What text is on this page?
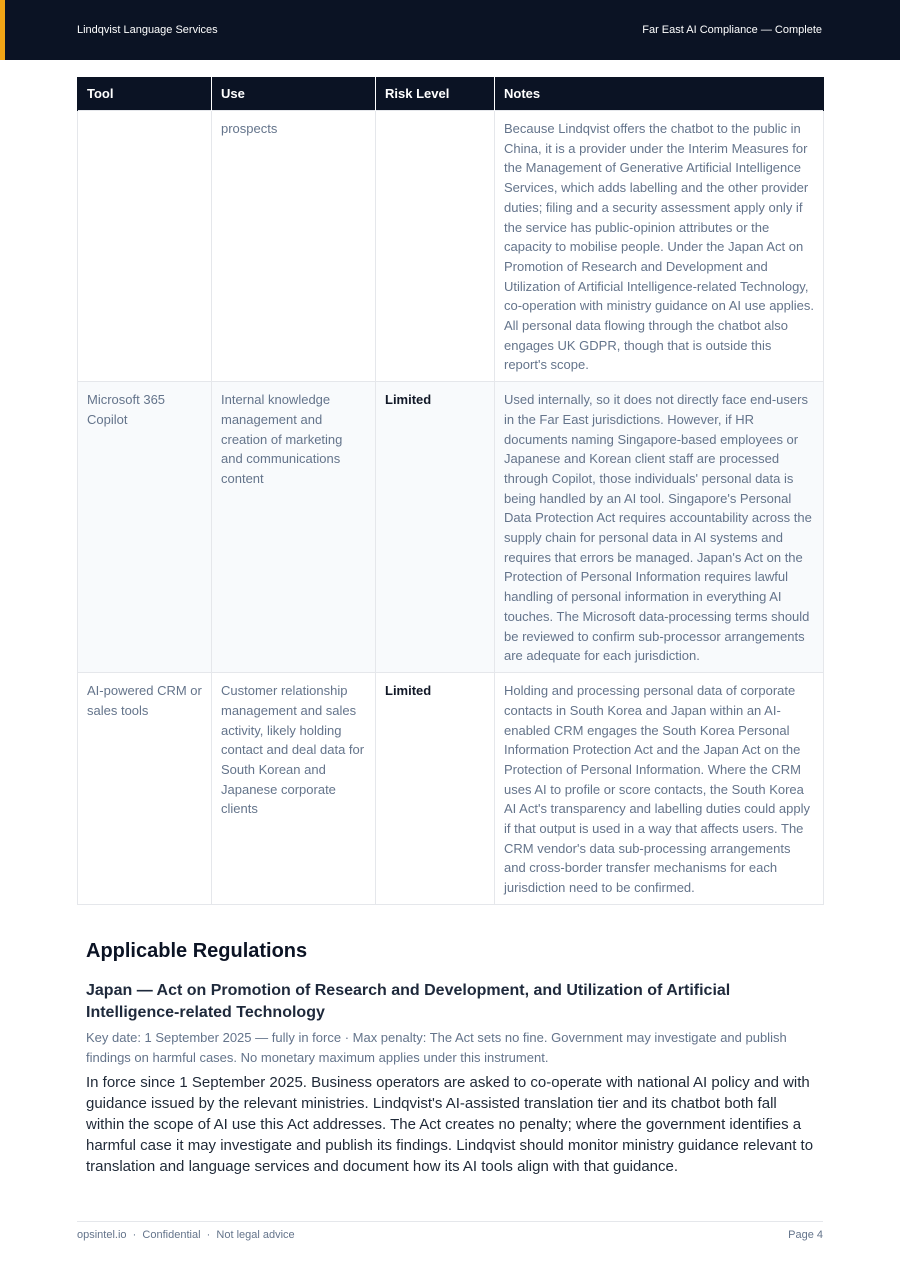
Lindqvist Language Services	Far East AI Compliance — Complete
Tool	Use	Risk Level	Notes
	prospects		Because Lindqvist offers the chatbot to the public in China, it is a provider under the Interim Measures for the Management of Generative Artificial Intelligence Services, which adds labelling and the other provider duties; filing and a security assessment apply only if the service has public-opinion attributes or the capacity to mobilise people. Under the Japan Act on Promotion of Research and Development and Utilization of Artificial Intelligence-related Technology, co-operation with ministry guidance on AI use applies. All personal data flowing through the chatbot also engages UK GDPR, though that is outside this report's scope.
Microsoft 365 Copilot	Internal knowledge management and creation of marketing and communications content	Limited	Used internally, so it does not directly face end-users in the Far East jurisdictions. However, if HR documents naming Singapore-based employees or Japanese and Korean client staff are processed through Copilot, those individuals' personal data is being handled by an AI tool. Singapore's Personal Data Protection Act requires accountability across the supply chain for personal data in AI systems and requires that errors be managed. Japan's Act on the Protection of Personal Information requires lawful handling of personal information in everything AI touches. The Microsoft data-processing terms should be reviewed to confirm sub-processor arrangements are adequate for each jurisdiction.
AI-powered CRM or sales tools	Customer relationship management and sales activity, likely holding contact and deal data for South Korean and Japanese corporate clients	Limited	Holding and processing personal data of corporate contacts in South Korea and Japan within an AI-enabled CRM engages the South Korea Personal Information Protection Act and the Japan Act on the Protection of Personal Information. Where the CRM uses AI to profile or score contacts, the South Korea AI Act's transparency and labelling duties could apply if that output is used in a way that affects users. The CRM vendor's data sub-processing arrangements and cross-border transfer mechanisms for each jurisdiction need to be confirmed.
Applicable Regulations
Japan — Act on Promotion of Research and Development, and Utilization of Artificial Intelligence-related Technology

Key date: 1 September 2025 — fully in force · Max penalty: The Act sets no fine. Government may investigate and publish findings on harmful cases. No monetary maximum applies under this instrument.

In force since 1 September 2025. Business operators are asked to co-operate with national AI policy and with guidance issued by the relevant ministries. Lindqvist's AI-assisted translation tier and its chatbot both fall within the scope of AI use this Act addresses. The Act creates no penalty; where the government identifies a harmful case it may investigate and publish its findings. Lindqvist should monitor ministry guidance relevant to translation and language services and document how its AI tools align with that guidance.

opsintel.io  ·  Confidential  ·  Not legal advice	Page 4
